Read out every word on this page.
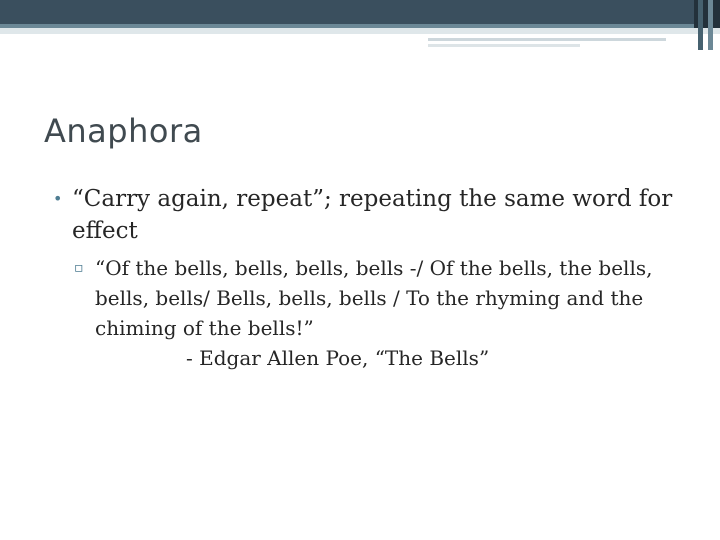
Anaphora
• “Carry again, repeat”; repeating the same word for effect
▫ “Of the bells, bells, bells, bells -/ Of the bells, the bells, bells, bells/ Bells, bells, bells / To the rhyming and the chiming of the bells!”
- Edgar Allen Poe, “The Bells”
